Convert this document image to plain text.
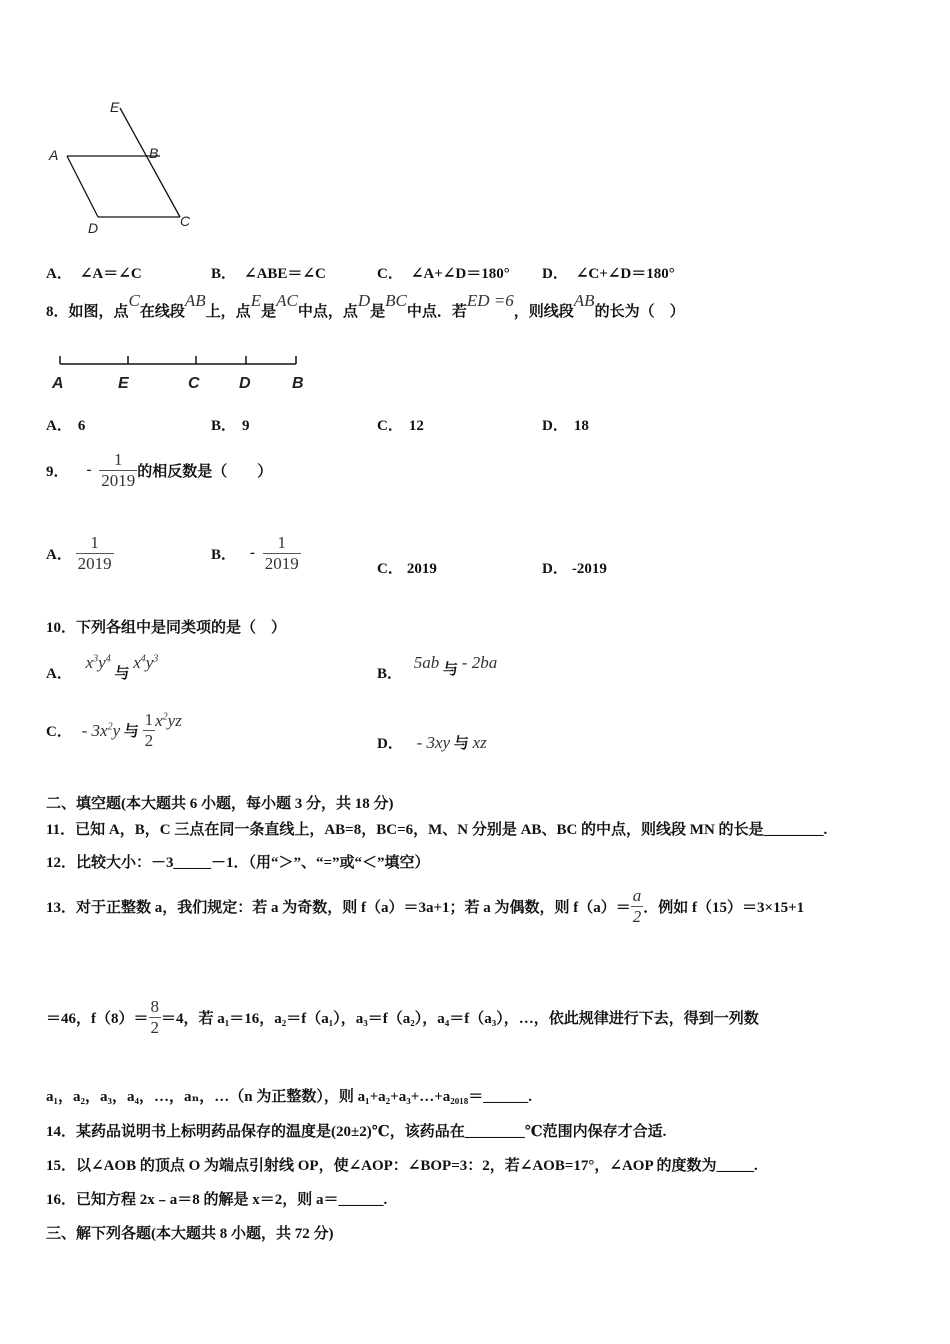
E
A	B
D	C
A． ∠A＝∠C	B． ∠ABE＝∠C	C． ∠A+∠D＝180° D． ∠C+∠D＝180°
8．如图，点C在线段AB上，点E是AC中点，点D是BC中点．若ED =6，则线段AB的长为（　）
A	E	C D	B
A． 6	B． 9	C． 12	D． 18
9． - $\frac{1}{2019}$ 的相反数是（　　）
A． $\frac{1}{2019}$	B． - $\frac{1}{2019}$	C． 2019	D． -2019
10．下列各组中是同类项的是（　）
A． $x^3y^4$ 与 $x^4y^3$
B． 5ab 与 - 2ba
C． - $3x^2y$ 与 $\frac{1}{2} x^2yz$
D． - 3xy 与 xz
二、填空题(本大题共 6 小题，每小题 3 分，共 18 分)
11．已知 A，B，C 三点在同一条直线上，AB=8，BC=6，M、N 分别是 AB、BC 的中点，则线段 MN 的长是________.
12．比较大小：－3_____－1．（用“＞”、“=”或“＜”填空）
13．对于正整数 a，我们规定：若 a 为奇数，则 f（a）＝3a+1；若 a 为偶数，则 $f(a)= \frac{a}{2}$ ．例如 f（15）＝3×15+1
＝46，$f(8)= \frac{8}{2} =4$，若 a₁＝16，a₂＝f（a₁），a₃＝f（a₂），a₄＝f（a₃），…，依此规律进行下去，得到一列数
a₁，a₂，a₃，a₄，…，aₙ，…（n 为正整数），则 a₁+a₂+a₃+…+a₂₀₁₈＝______.
14．某药品说明书上标明药品保存的温度是(20±2)℃，该药品在________℃范围内保存才合适.
15．以∠AOB 的顶点 O 为端点引射线 OP，使∠AOP：∠BOP=3：2，若∠AOB=17°，∠AOP 的度数为_____.
16．已知方程 2x﹣a＝8 的解是 x＝2，则 a＝______.
三、解下列各题(本大题共 8 小题，共 72 分)
